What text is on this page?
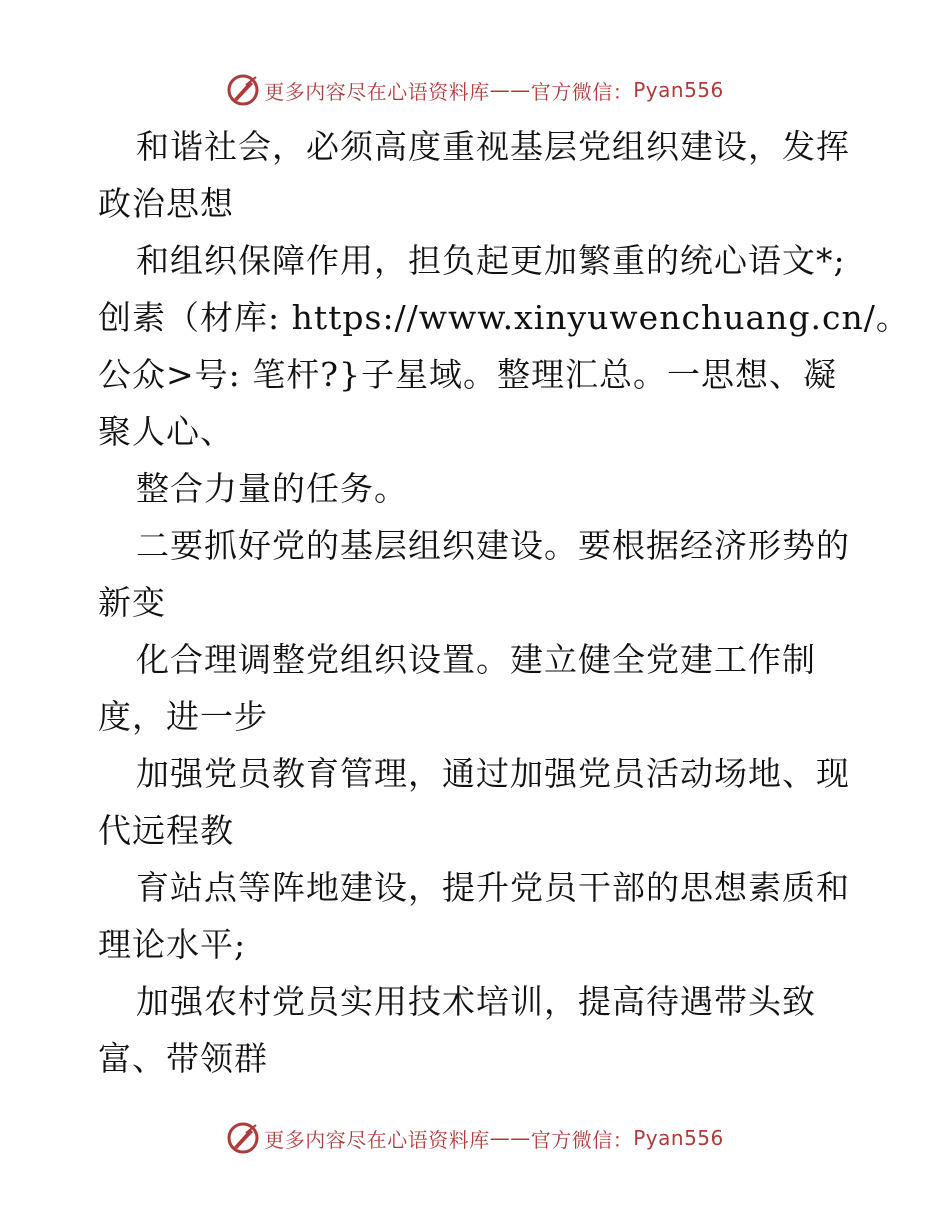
更多内容尽在心语资料库 —— 官方微信： Pyan556
和谐社会，必须高度重视基层党组织建设，发挥
政治思想
和组织保障作用，担负起更加繁重的统心语文*;
创素（材库: https://www.xinyuwenchuang.cn/。
公众>号: 笔杆?}子星域。整理汇总。一思想、凝
聚人心、
整合力量的任务。
二要抓好党的基层组织建设。要根据经济形势的
新变
化合理调整党组织设置。建立健全党建工作制
度，进一步
加强党员教育管理，通过加强党员活动场地、现
代远程教
育站点等阵地建设，提升党员干部的思想素质和
理论水平;
加强农村党员实用技术培训，提高待遇带头致
富、带领群
更多内容尽在心语资料库 —— 官方微信： Pyan556
